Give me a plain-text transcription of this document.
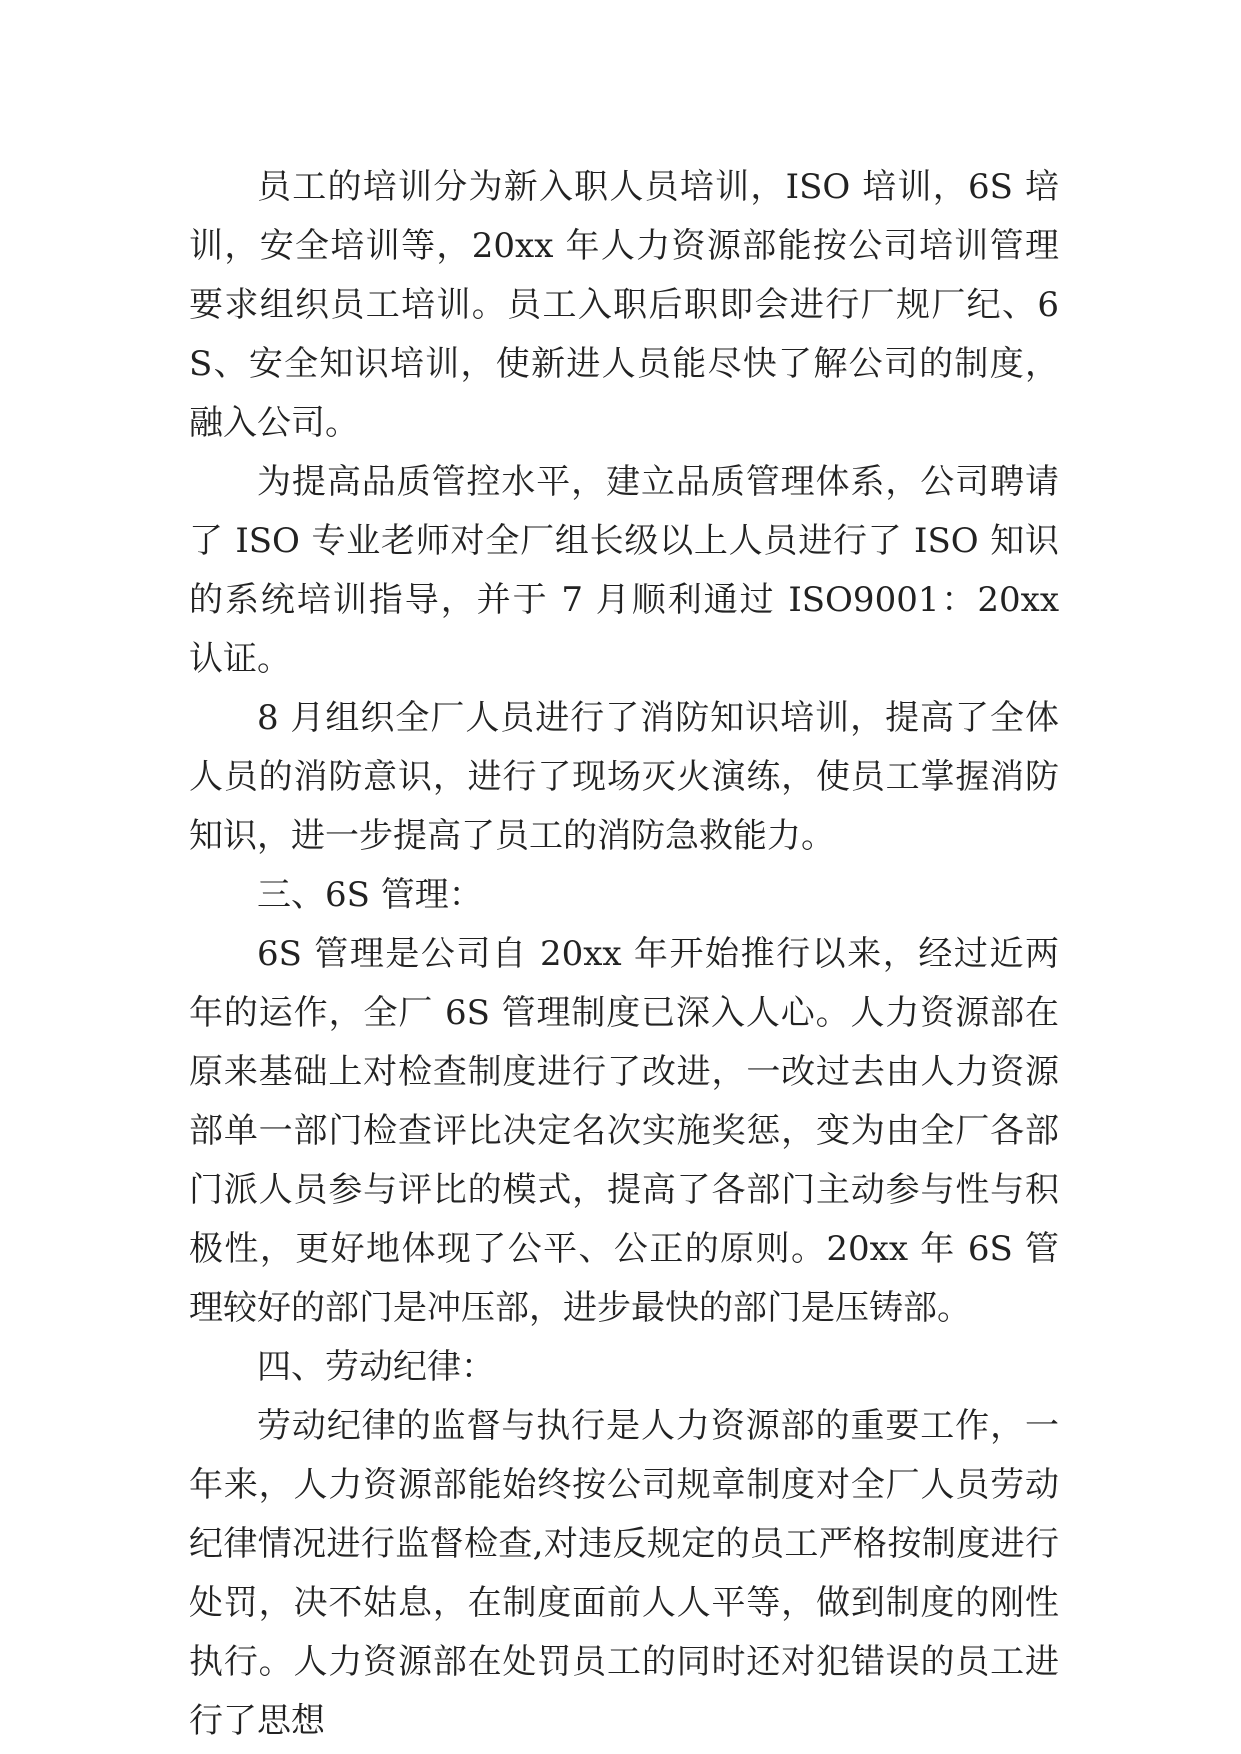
员工的培训分为新入职人员培训，ISO 培训，6S 培训，安全培训等，20xx 年人力资源部能按公司培训管理要求组织员工培训。员工入职后职即会进行厂规厂纪、6S、安全知识培训，使新进人员能尽快了解公司的制度，融入公司。

为提高品质管控水平，建立品质管理体系，公司聘请了 ISO 专业老师对全厂组长级以上人员进行了 ISO 知识的系统培训指导，并于 7 月顺利通过 ISO9001：20xx 认证。

8 月组织全厂人员进行了消防知识培训，提高了全体人员的消防意识，进行了现场灭火演练，使员工掌握消防知识，进一步提高了员工的消防急救能力。

三、6S 管理：

6S 管理是公司自 20xx 年开始推行以来，经过近两年的运作，全厂 6S 管理制度已深入人心。人力资源部在原来基础上对检查制度进行了改进，一改过去由人力资源部单一部门检查评比决定名次实施奖惩，变为由全厂各部门派人员参与评比的模式，提高了各部门主动参与性与积极性，更好地体现了公平、公正的原则。20xx 年 6S 管理较好的部门是冲压部，进步最快的部门是压铸部。

四、劳动纪律：

劳动纪律的监督与执行是人力资源部的重要工作，一年来，人力资源部能始终按公司规章制度对全厂人员劳动纪律情况进行监督检查,对违反规定的员工严格按制度进行处罚，决不姑息，在制度面前人人平等，做到制度的刚性执行。人力资源部在处罚员工的同时还对犯错误的员工进行了思想
